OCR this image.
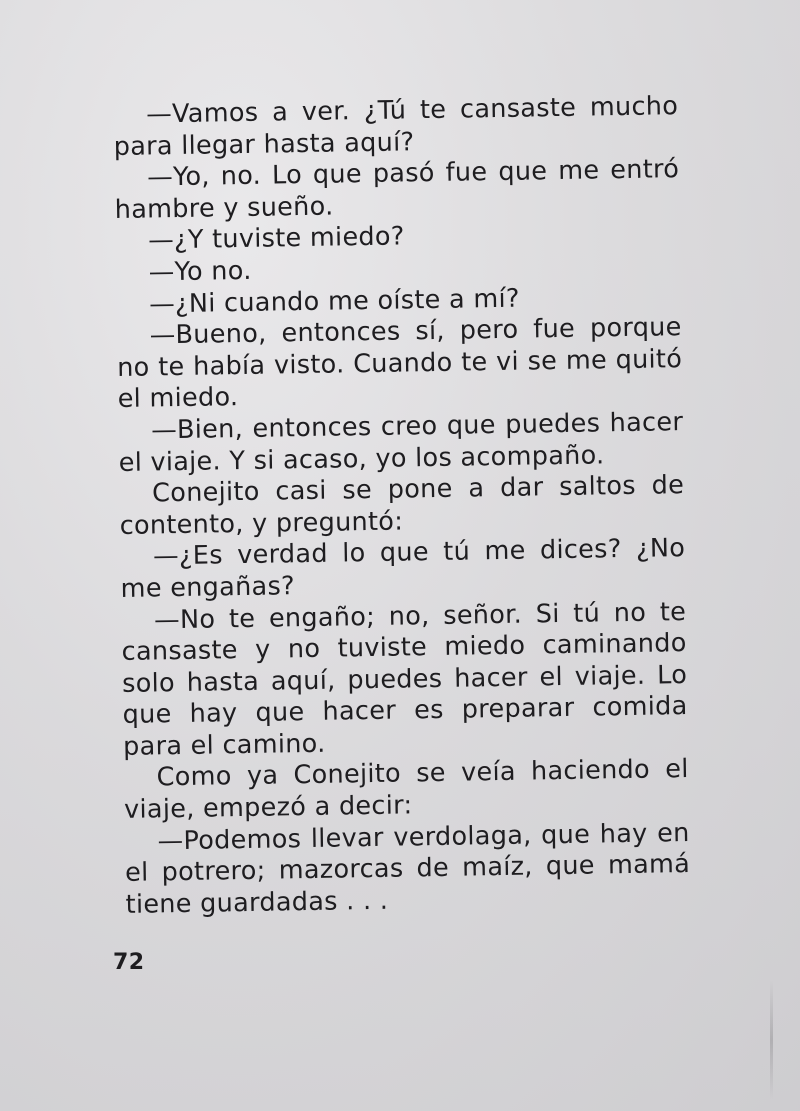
—Vamos a ver. ¿Tú te cansaste mucho para llegar hasta aquí?

—Yo, no. Lo que pasó fue que me entró hambre y sueño.

—¿Y tuviste miedo?

—Yo no.

—¿Ni cuando me oíste a mí?

—Bueno, entonces sí, pero fue porque no te había visto. Cuando te vi se me quitó el miedo.

—Bien, entonces creo que puedes hacer el viaje. Y si acaso, yo los acompaño.

Conejito casi se pone a dar saltos de contento, y preguntó:

—¿Es verdad lo que tú me dices? ¿No me engañas?

—No te engaño; no, señor. Si tú no te cansaste y no tuviste miedo caminando solo hasta aquí, puedes hacer el viaje. Lo que hay que hacer es preparar comida para el camino.

Como ya Conejito se veía haciendo el viaje, empezó a decir:

—Podemos llevar verdolaga, que hay en el potrero; mazorcas de maíz, que mamá tiene guardadas . . .

72
